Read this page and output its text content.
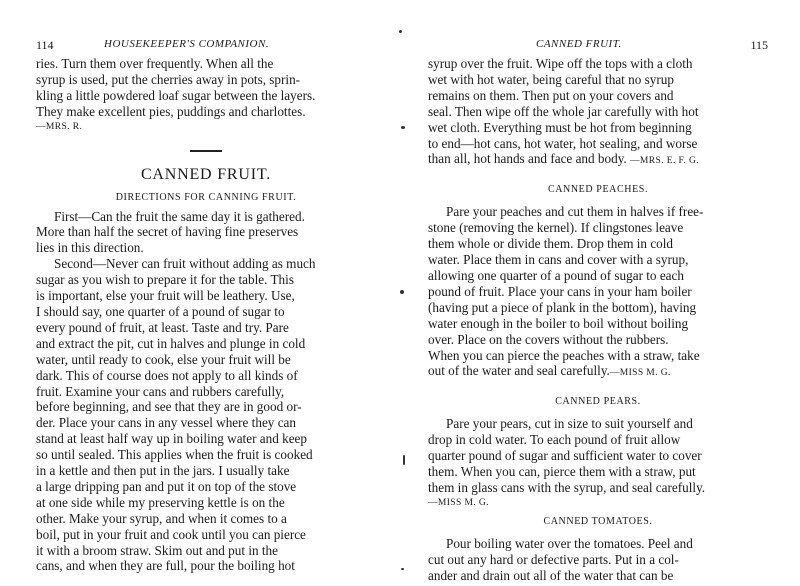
114	HOUSEKEEPER'S COMPANION.
ries. Turn them over frequently. When all the
syrup is used, put the cherries away in pots, sprin-
kling a little powdered loaf sugar between the layers.
They make excellent pies, puddings and charlottes.
—MRS. R.
CANNED FRUIT.
DIRECTIONS FOR CANNING FRUIT.
First—Can the fruit the same day it is gathered.
More than half the secret of having fine preserves
lies in this direction.
Second—Never can fruit without adding as much
sugar as you wish to prepare it for the table. This
is important, else your fruit will be leathery. Use,
I should say, one quarter of a pound of sugar to
every pound of fruit, at least. Taste and try. Pare
and extract the pit, cut in halves and plunge in cold
water, until ready to cook, else your fruit will be
dark. This of course does not apply to all kinds of
fruit. Examine your cans and rubbers carefully,
before beginning, and see that they are in good or-
der. Place your cans in any vessel where they can
stand at least half way up in boiling water and keep
so until sealed. This applies when the fruit is cooked
in a kettle and then put in the jars. I usually take
a large dripping pan and put it on top of the stove
at one side while my preserving kettle is on the
other. Make your syrup, and when it comes to a
boil, put in your fruit and cook until you can pierce
it with a broom straw. Skim out and put in the
cans, and when they are full, pour the boiling hot
CANNED FRUIT.	115
syrup over the fruit. Wipe off the tops with a cloth
wet with hot water, being careful that no syrup
remains on them. Then put on your covers and
seal. Then wipe off the whole jar carefully with hot
wet cloth. Everything must be hot from beginning
to end—hot cans, hot water, hot sealing, and worse
than all, hot hands and face and body. —MRS. E. F. G.
CANNED PEACHES.
Pare your peaches and cut them in halves if free-
stone (removing the kernel). If clingstones leave
them whole or divide them. Drop them in cold
water. Place them in cans and cover with a syrup,
allowing one quarter of a pound of sugar to each
pound of fruit. Place your cans in your ham boiler
(having put a piece of plank in the bottom), having
water enough in the boiler to boil without boiling
over. Place on the covers without the rubbers.
When you can pierce the peaches with a straw, take
out of the water and seal carefully.—MISS M. G.
CANNED PEARS.
Pare your pears, cut in size to suit yourself and
drop in cold water. To each pound of fruit allow
quarter pound of sugar and sufficient water to cover
them. When you can, pierce them with a straw, put
them in glass cans with the syrup, and seal carefully.
—MISS M. G.
CANNED TOMATOES.
Pour boiling water over the tomatoes. Peel and
cut out any hard or defective parts. Put in a col-
ander and drain out all of the water that can be
